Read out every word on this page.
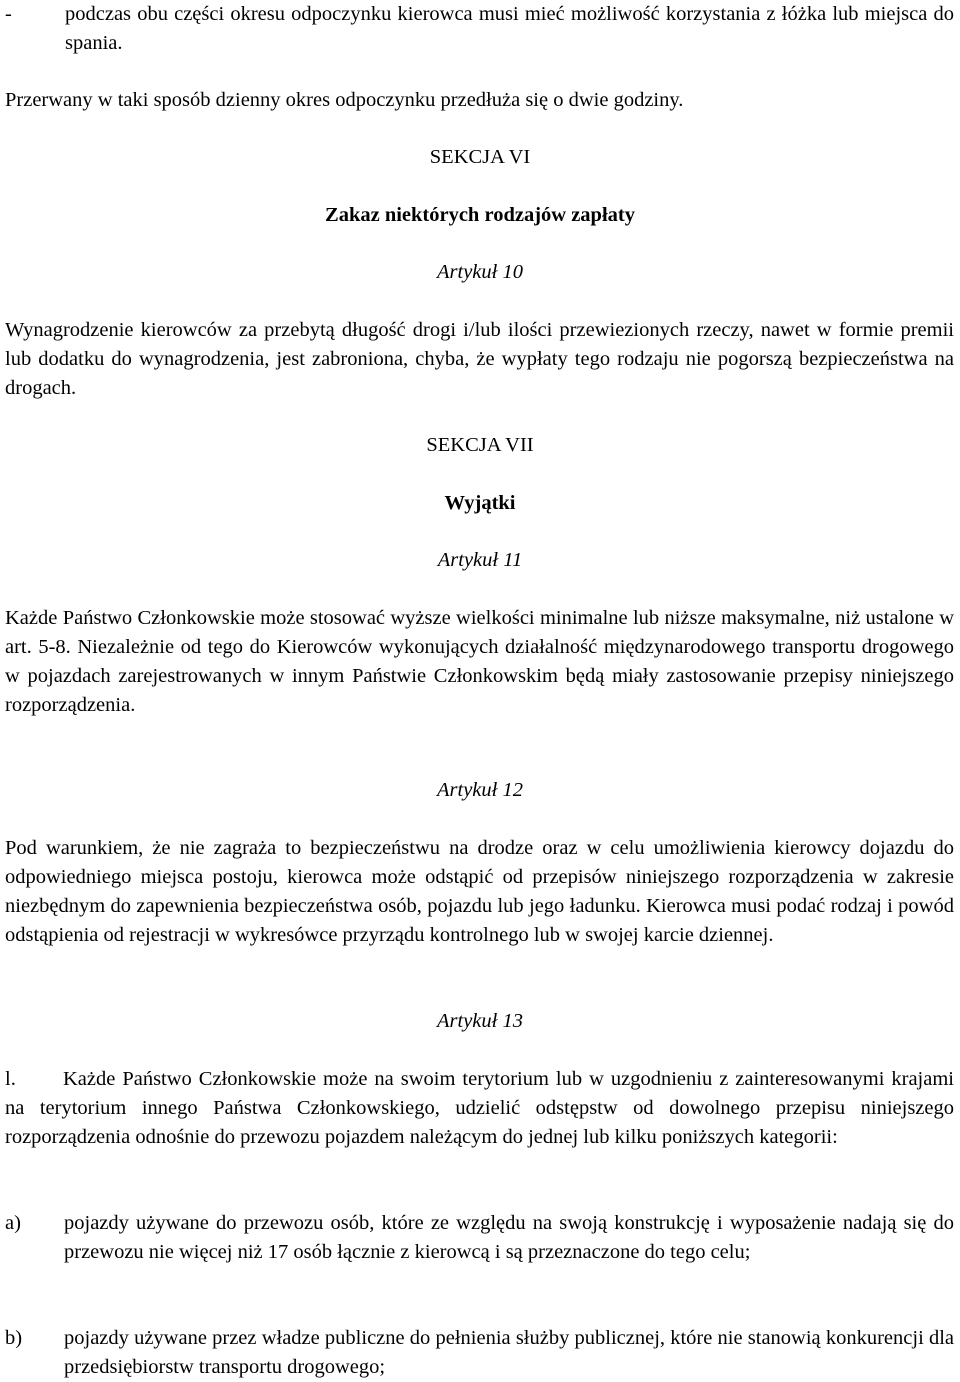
-	podczas obu części okresu odpoczynku kierowca musi mieć możliwość korzystania z łóżka lub miejsca do spania.

Przerwany w taki sposób dzienny okres odpoczynku przedłuża się o dwie godziny.

SEKCJA VI

Zakaz niektórych rodzajów zapłaty

Artykuł 10

Wynagrodzenie kierowców za przebytą długość drogi i/lub ilości przewiezionych rzeczy, nawet w formie premii lub dodatku do wynagrodzenia, jest zabroniona, chyba, że wypłaty tego rodzaju nie pogorszą bezpieczeństwa na drogach.

SEKCJA VII

Wyjątki

Artykuł 11

Każde Państwo Członkowskie może stosować wyższe wielkości minimalne lub niższe maksymalne, niż ustalone w art. 5-8. Niezależnie od tego do Kierowców wykonujących działalność międzynarodowego transportu drogowego w pojazdach zarejestrowanych w innym Państwie Członkowskim będą miały zastosowanie przepisy niniejszego rozporządzenia.

Artykuł 12

Pod warunkiem, że nie zagraża to bezpieczeństwu na drodze oraz w celu umożliwienia kierowcy dojazdu do odpowiedniego miejsca postoju, kierowca może odstąpić od przepisów niniejszego rozporządzenia w zakresie niezbędnym do zapewnienia bezpieczeństwa osób, pojazdu lub jego ładunku. Kierowca musi podać rodzaj i powód odstąpienia od rejestracji w wykresówce przyrządu kontrolnego lub w swojej karcie dziennej.

Artykuł 13

l. Każde Państwo Członkowskie może na swoim terytorium lub w uzgodnieniu z zainteresowanymi krajami na terytorium innego Państwa Członkowskiego, udzielić odstępstw od dowolnego przepisu niniejszego rozporządzenia odnośnie do przewozu pojazdem należącym do jednej lub kilku poniższych kategorii:

a)	pojazdy używane do przewozu osób, które ze względu na swoją konstrukcję i wyposażenie nadają się do przewozu nie więcej niż 17 osób łącznie z kierowcą i są przeznaczone do tego celu;
b)	pojazdy używane przez władze publiczne do pełnienia służby publicznej, które nie stanowią konkurencji dla przedsiębiorstw transportu drogowego;
